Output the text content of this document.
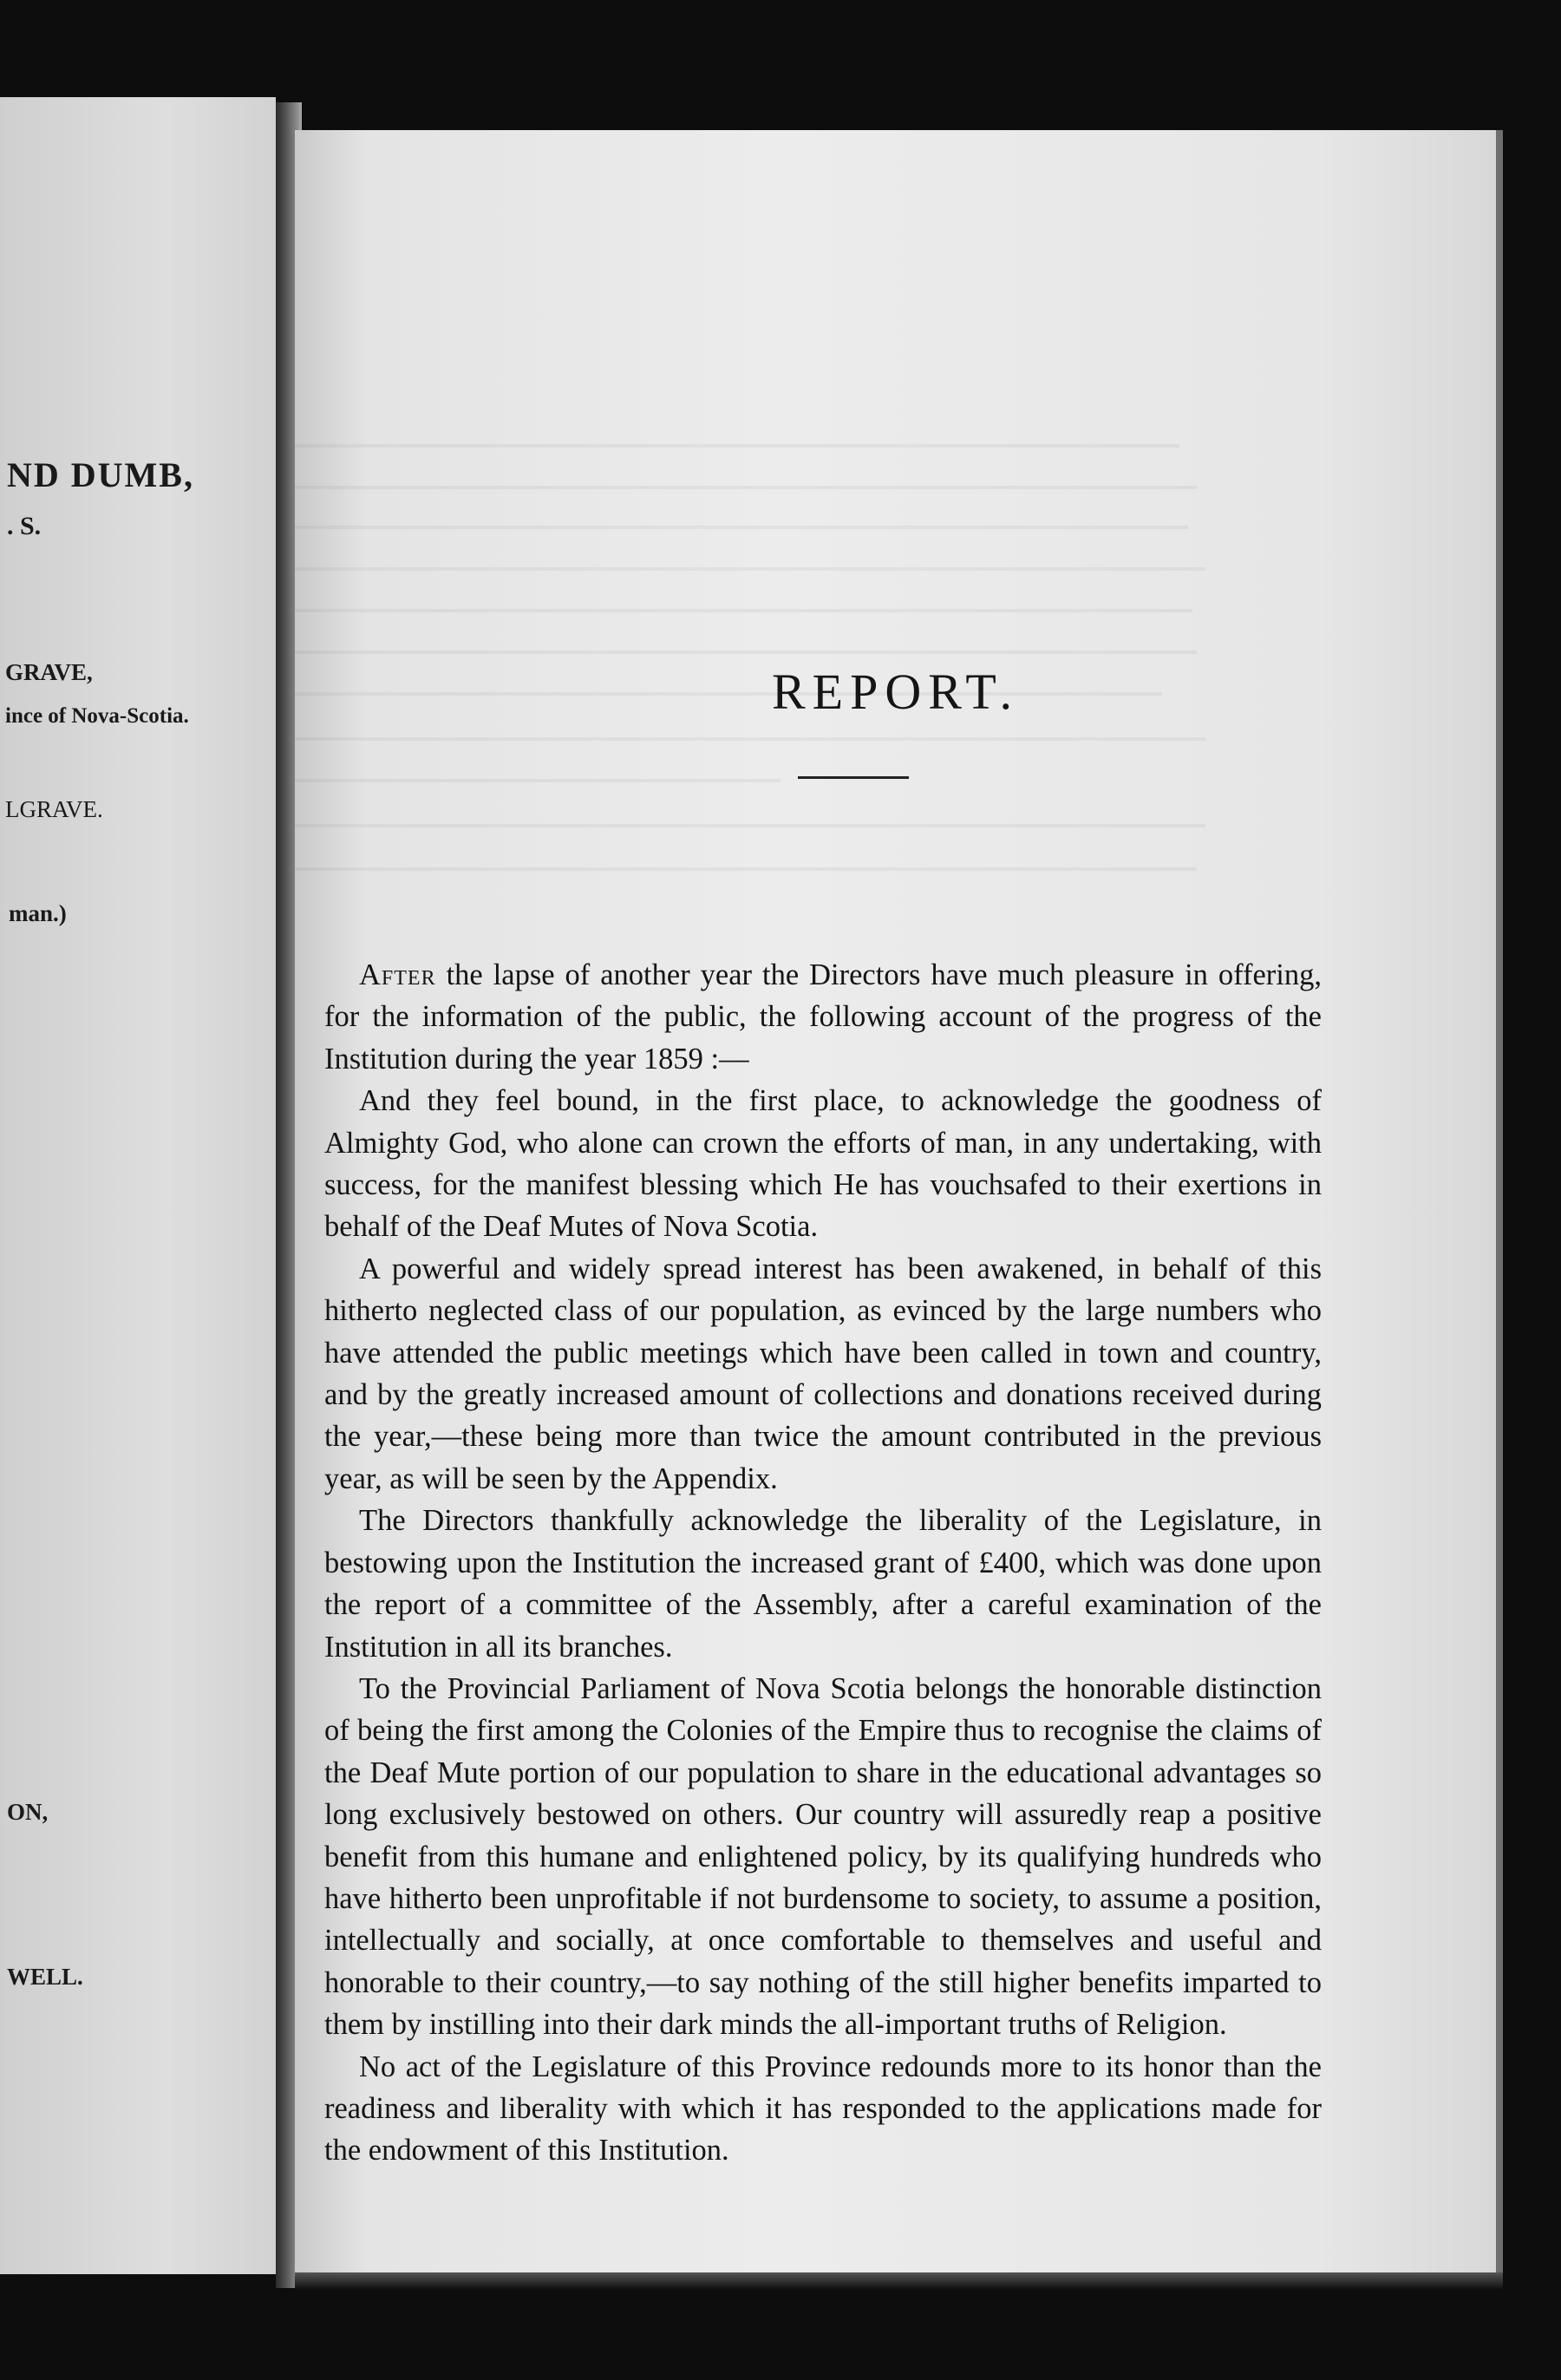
ND DUMB,
. S.
GRAVE,
ince of Nova-Scotia.
LGRAVE.
man.)
ON,
WELL.
REPORT.

After the lapse of another year the Directors have much pleasure in offering, for the information of the public, the following account of the progress of the Institution during the year 1859 :—

And they feel bound, in the first place, to acknowledge the goodness of Almighty God, who alone can crown the efforts of man, in any undertaking, with success, for the manifest blessing which He has vouchsafed to their exertions in behalf of the Deaf Mutes of Nova Scotia.

A powerful and widely spread interest has been awakened, in behalf of this hitherto neglected class of our population, as evinced by the large numbers who have attended the public meetings which have been called in town and country, and by the greatly increased amount of collections and donations received during the year,—these being more than twice the amount contributed in the previous year, as will be seen by the Appendix.

The Directors thankfully acknowledge the liberality of the Legislature, in bestowing upon the Institution the increased grant of £400, which was done upon the report of a committee of the Assembly, after a careful examination of the Institution in all its branches.

To the Provincial Parliament of Nova Scotia belongs the honorable distinction of being the first among the Colonies of the Empire thus to recognise the claims of the Deaf Mute portion of our population to share in the educational advantages so long exclusively bestowed on others. Our country will assuredly reap a positive benefit from this humane and enlightened policy, by its qualifying hundreds who have hitherto been unprofitable if not burdensome to society, to assume a position, intellectually and socially, at once comfortable to themselves and useful and honorable to their country,—to say nothing of the still higher benefits imparted to them by instilling into their dark minds the all-important truths of Religion.

No act of the Legislature of this Province redounds more to its honor than the readiness and liberality with which it has responded to the applications made for the endowment of this Institution.
